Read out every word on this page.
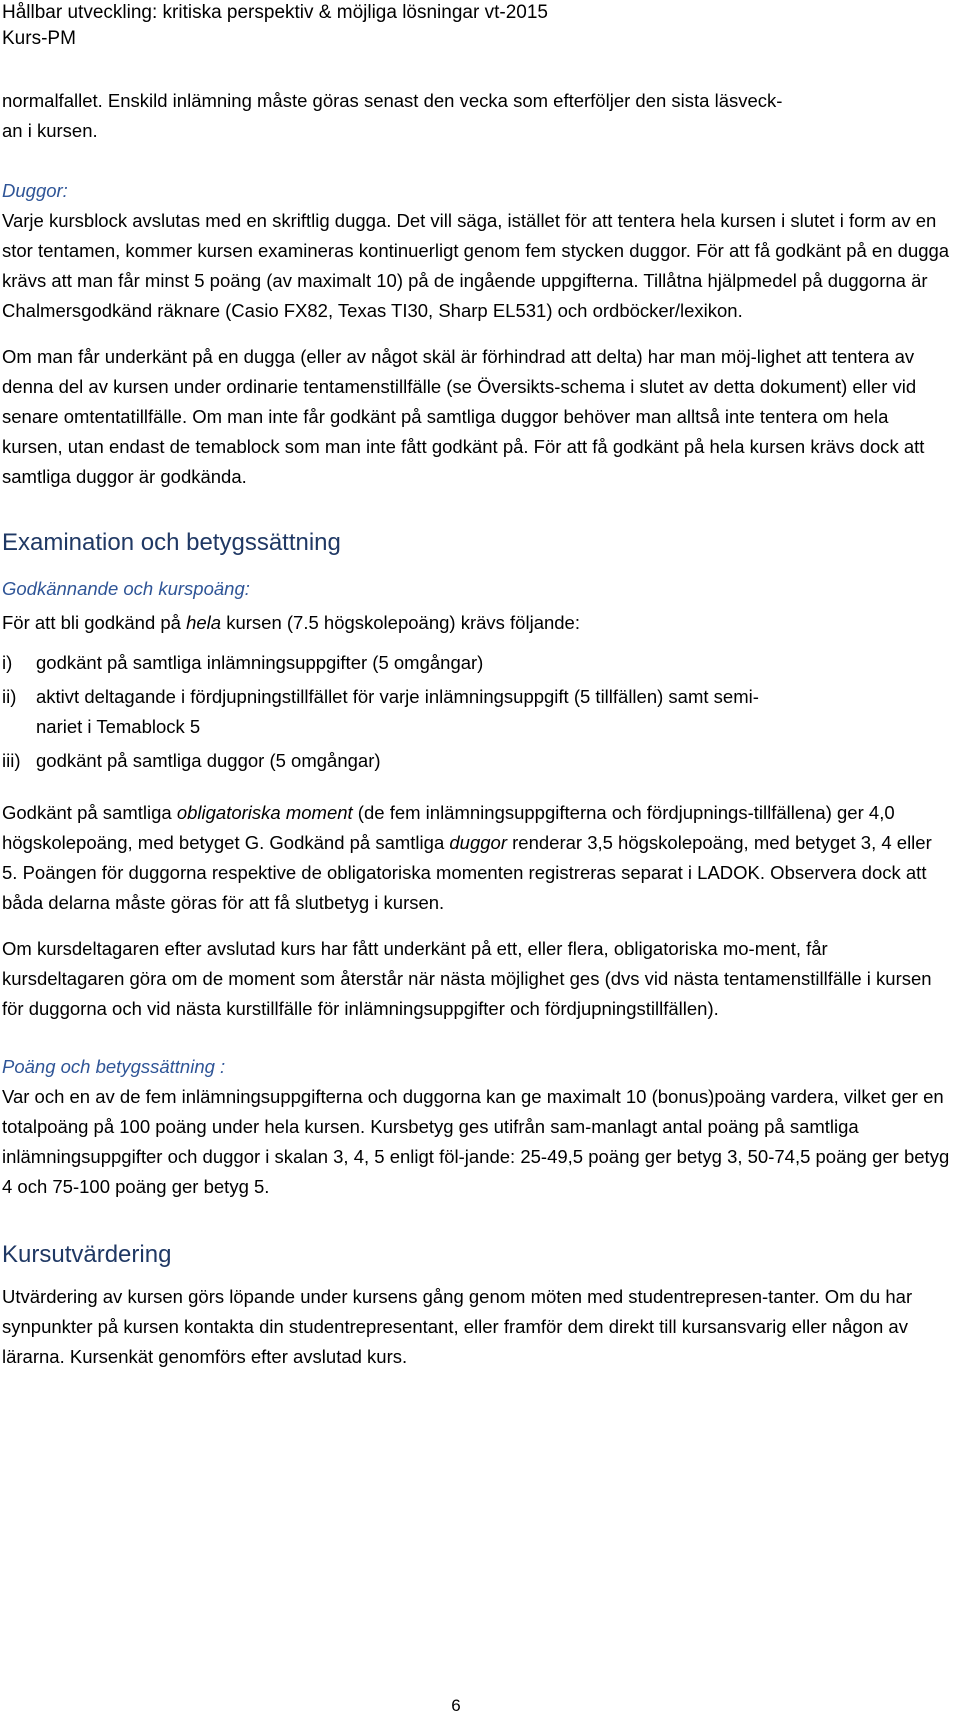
Hållbar utveckling: kritiska perspektiv & möjliga lösningar vt-2015
Kurs-PM

normalfallet. Enskild inlämning måste göras senast den vecka som efterföljer den sista läsveck-
an i kursen.

Duggor:

Varje kursblock avslutas med en skriftlig dugga. Det vill säga, istället för att tentera hela kursen i slutet i form av en stor tentamen, kommer kursen examineras kontinuerligt genom fem stycken duggor. För att få godkänt på en dugga krävs att man får minst 5 poäng (av maximalt 10) på de ingående uppgifterna. Tillåtna hjälpmedel på duggorna är Chalmersgodkänd räknare (Casio FX82, Texas TI30, Sharp EL531) och ordböcker/lexikon.

Om man får underkänt på en dugga (eller av något skäl är förhindrad att delta) har man möj-lighet att tentera av denna del av kursen under ordinarie tentamenstillfälle (se Översikts-schema i slutet av detta dokument) eller vid senare omtentatillfälle. Om man inte får godkänt på samtliga duggor behöver man alltså inte tentera om hela kursen, utan endast de temablock som man inte fått godkänt på. För att få godkänt på hela kursen krävs dock att samtliga duggor är godkända.

Examination och betygssättning

Godkännande och kurspoäng:

För att bli godkänd på hela kursen (7.5 högskolepoäng) krävs följande:

i) godkänt på samtliga inlämningsuppgifter (5 omgångar)
ii) aktivt deltagande i fördjupningstillfället för varje inlämningsuppgift (5 tillfällen) samt semi-
nariet i Temablock 5
iii) godkänt på samtliga duggor (5 omgångar)

Godkänt på samtliga obligatoriska moment (de fem inlämningsuppgifterna och fördjupnings-tillfällena) ger 4,0 högskolepoäng, med betyget G. Godkänd på samtliga duggor renderar 3,5 högskolepoäng, med betyget 3, 4 eller 5. Poängen för duggorna respektive de obligatoriska momenten registreras separat i LADOK. Observera dock att båda delarna måste göras för att få slutbetyg i kursen.

Om kursdeltagaren efter avslutad kurs har fått underkänt på ett, eller flera, obligatoriska mo-ment, får kursdeltagaren göra om de moment som återstår när nästa möjlighet ges (dvs vid nästa tentamenstillfälle i kursen för duggorna och vid nästa kurstillfälle för inlämningsuppgifter och fördjupningstillfällen).

Poäng och betygssättning :

Var och en av de fem inlämningsuppgifterna och duggorna kan ge maximalt 10 (bonus)poäng vardera, vilket ger en totalpoäng på 100 poäng under hela kursen. Kursbetyg ges utifrån sam-manlagt antal poäng på samtliga inlämningsuppgifter och duggor i skalan 3, 4, 5 enligt föl-jande: 25-49,5 poäng ger betyg 3, 50-74,5 poäng ger betyg 4 och 75-100 poäng ger betyg 5.

Kursutvärdering

Utvärdering av kursen görs löpande under kursens gång genom möten med studentrepresen-tanter. Om du har synpunkter på kursen kontakta din studentrepresentant, eller framför dem direkt till kursansvarig eller någon av lärarna. Kursenkät genomförs efter avslutad kurs.

6
